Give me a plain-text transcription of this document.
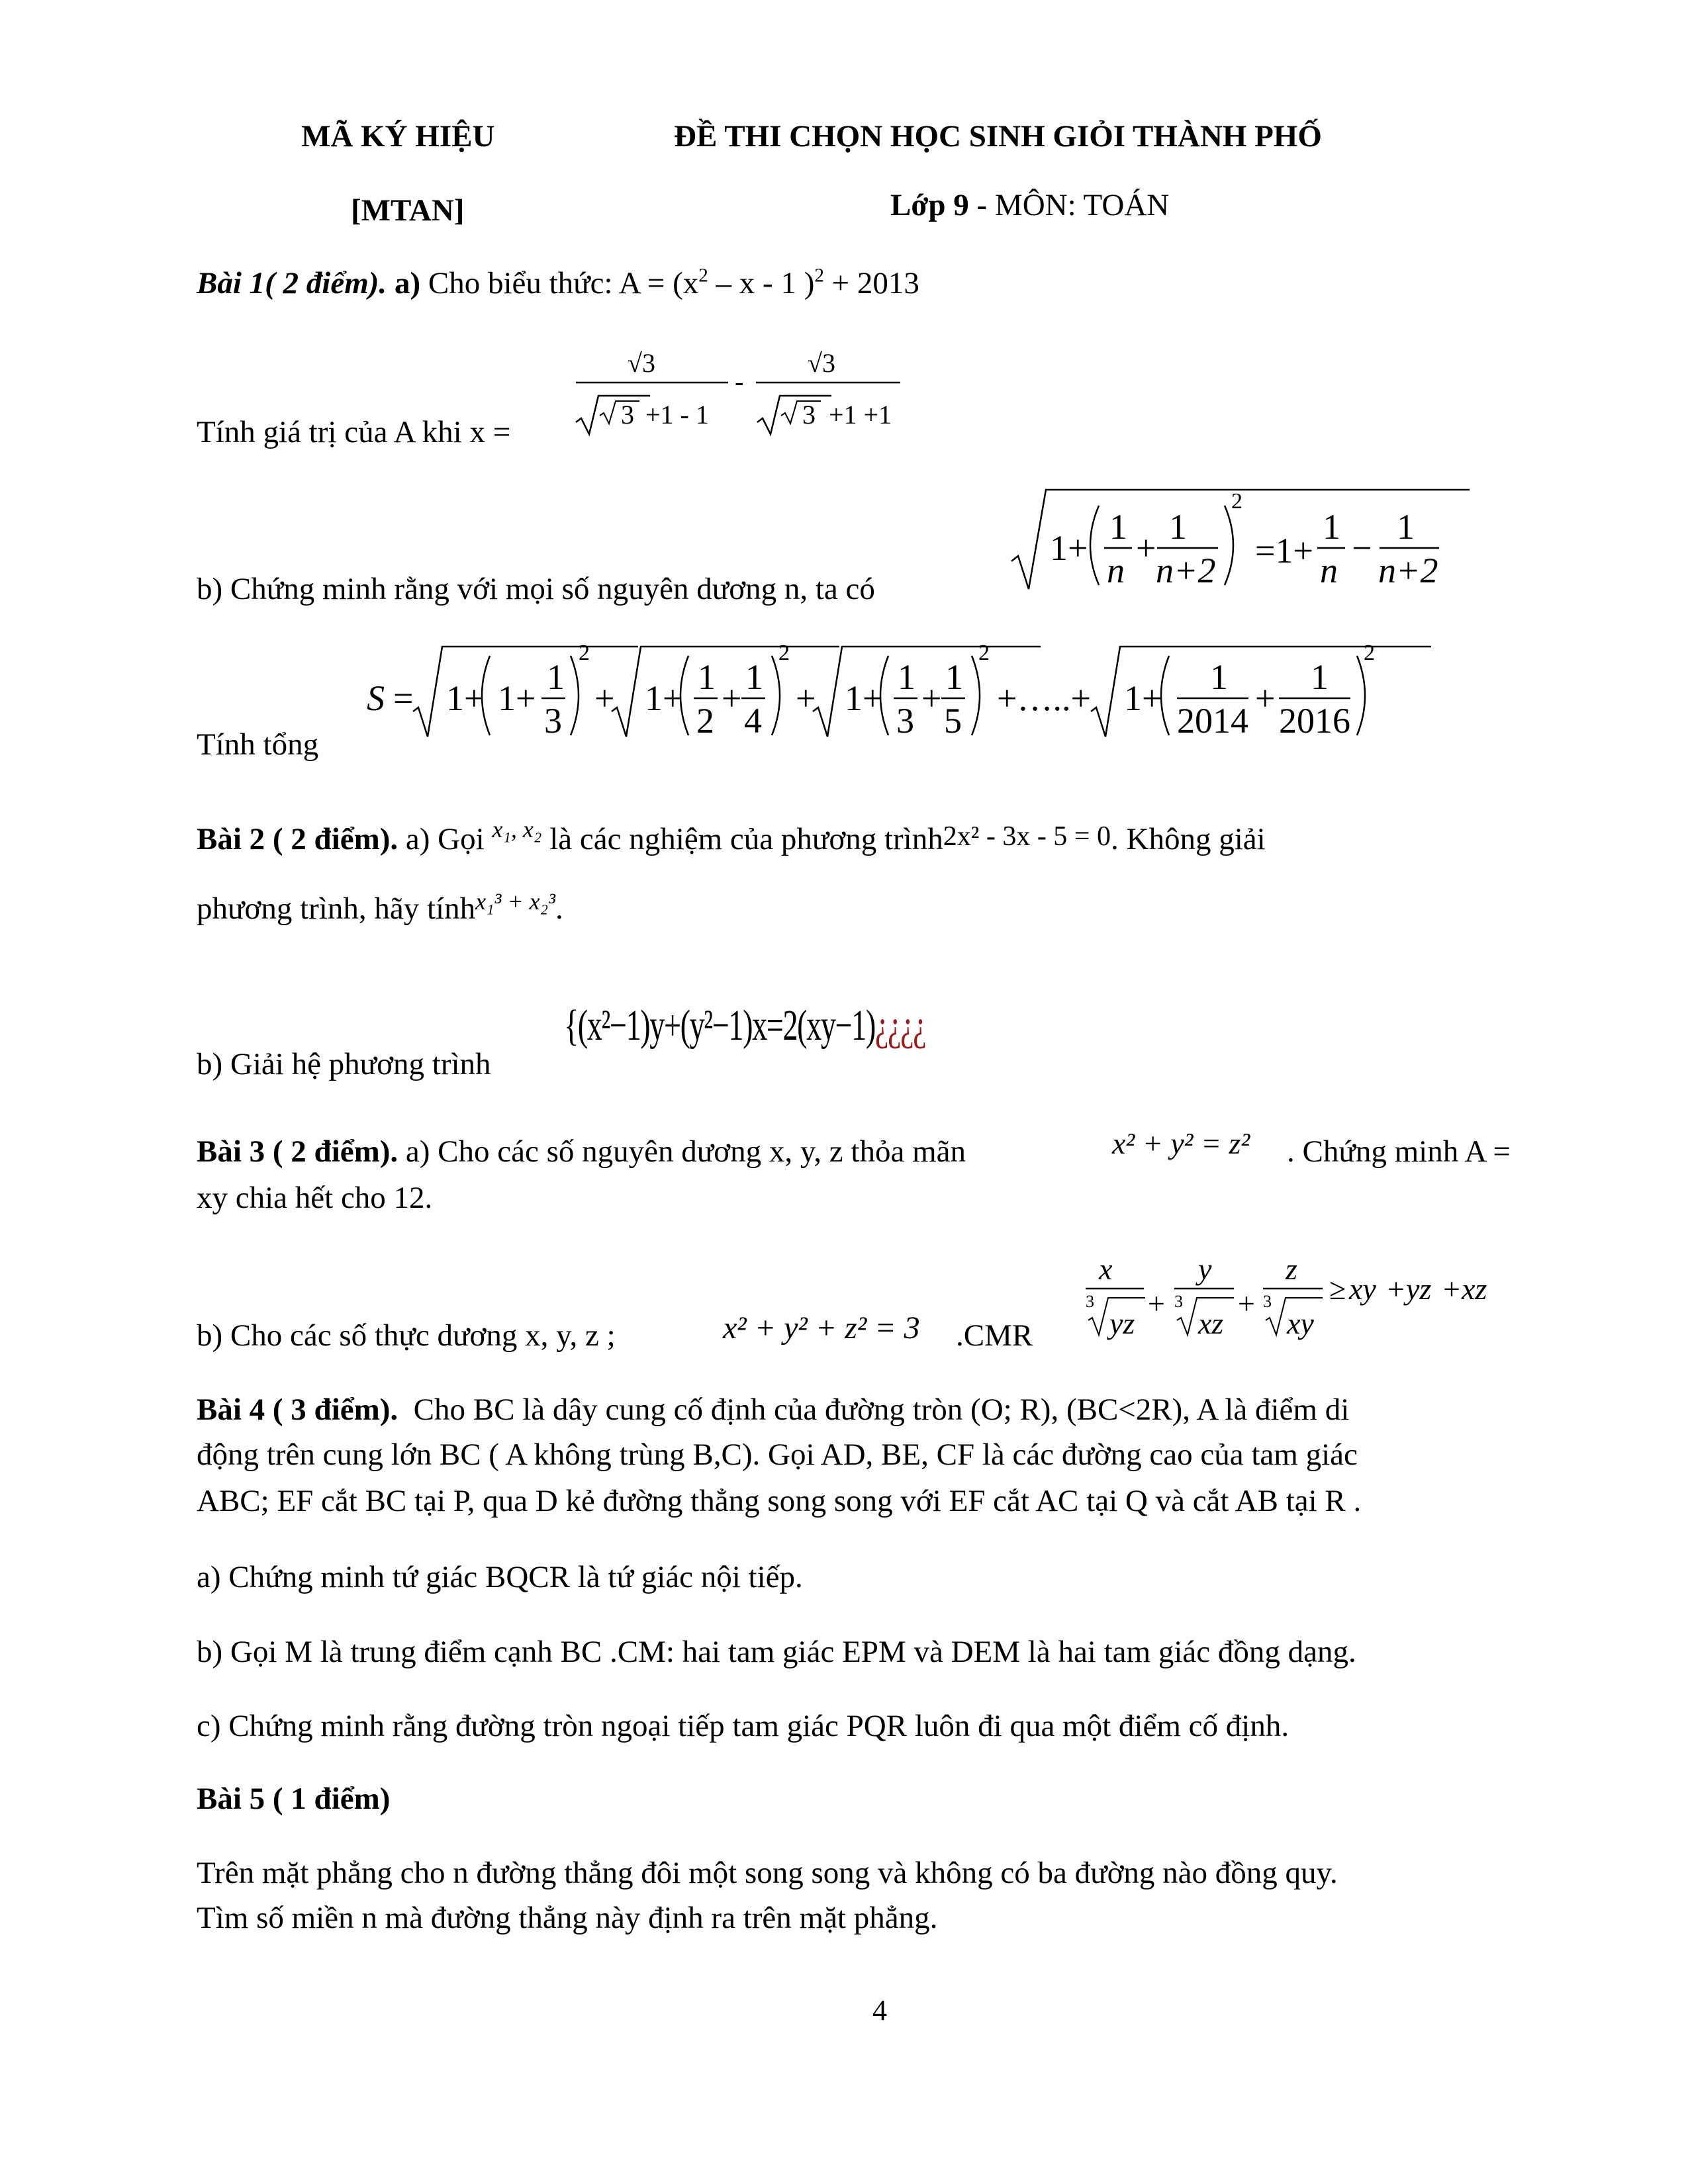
MÃ KÝ HIỆU	ĐỀ THI CHỌN HỌC SINH GIỎI THÀNH PHỐ
[MTAN]	Lớp 9 - MÔN: TOÁN
Bài 1( 2 điểm). a) Cho biểu thức: $A = (x^2 - x - 1$ )$^2$ + 2013
Tính giá trị của A khi x =
√3
3 +1 - 1
-
√3
3 +1 +1
b) Chứng minh rằng với mọi số nguyên dương n, ta có
1+
1
n
+
1
n+2
2
=1+
1
n
−
1
n+2
Tính tổng
S = 1+ 1+
1
3
2
+ 1+
1
2
+
1
4
2
+ 1+
1
3
+
1
5
2
+…..+ 1+
1
2014
+
1
2016
2
Bài 2 ( 2 điểm). a) Gọi $^{x_1, x_2}$ là các nghiệm của phương trình2x² - 3x - 5 = 0. Không giải
phương trình, hãy tính$^{x_1^3 + x_2^3}$.
b) Giải hệ phương trình
{(x²−1)y+(y²−1)x=2(xy−1)¿¿¿¿
Bài 3 ( 2 điểm). a) Cho các số nguyên dương x, y, z thỏa mãn	x² + y² = z² . Chứng minh A =
xy chia hết cho 12.
b) Cho các số thực dương x, y, z ;	x² + y² + z² = 3 .CMR
x
3
yz
+
y
3
xz
+
z
3
xy
≥ xy + yz + xz
Bài 4 ( 3 điểm). Cho BC là dây cung cố định của đường tròn (O; R), (BC<2R), A là điểm di
động trên cung lớn BC ( A không trùng B,C). Gọi AD, BE, CF là các đường cao của tam giác
ABC; EF cắt BC tại P, qua D kẻ đường thẳng song song với EF cắt AC tại Q và cắt AB tại R .
a) Chứng minh tứ giác BQCR là tứ giác nội tiếp.
b) Gọi M là trung điểm cạnh BC .CM: hai tam giác EPM và DEM là hai tam giác đồng dạng.
c) Chứng minh rằng đường tròn ngoại tiếp tam giác PQR luôn đi qua một điểm cố định.
Bài 5 ( 1 điểm)
Trên mặt phẳng cho n đường thẳng đôi một song song và không có ba đường nào đồng quy.
Tìm số miền n mà đường thẳng này định ra trên mặt phẳng.
4
